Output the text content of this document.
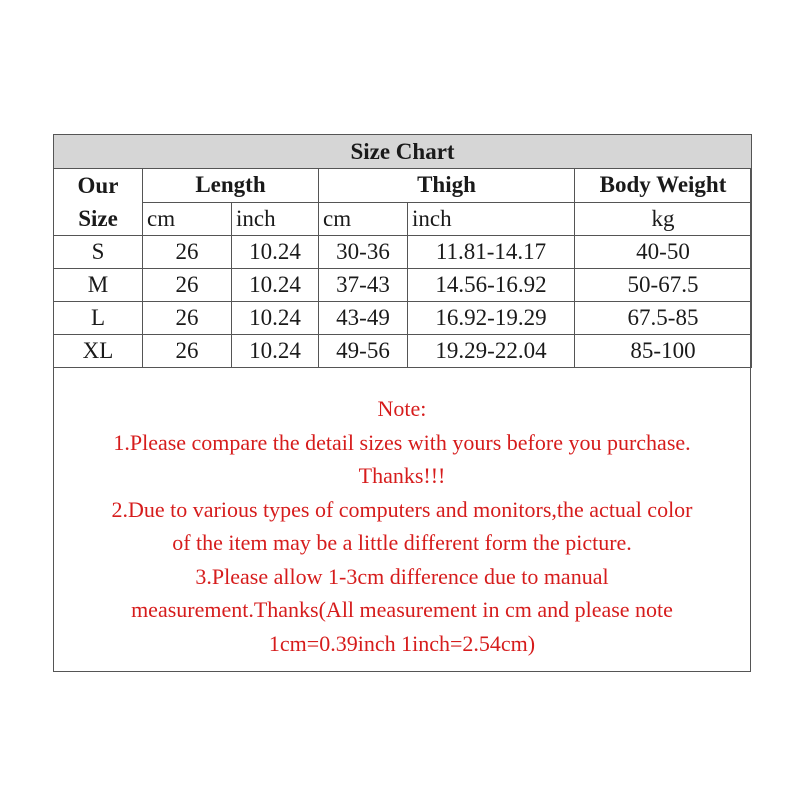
Size Chart					

Our
Size	Length		Thigh		Body Weight
	cm	inch	cm	inch	kg
S	26	10.24	30-36	11.81-14.17	40-50
M	26	10.24	37-43	14.56-16.92	50-67.5
L	26	10.24	43-49	16.92-19.29	67.5-85
XL	26	10.24	49-56	19.29-22.04	85-100
Note:
1.Please compare the detail sizes with yours before you purchase.
Thanks!!!
2.Due to various types of computers and monitors,the actual color
of the item may be a little different form the picture.
3.Please allow 1-3cm difference due to manual
measurement.Thanks(All measurement in cm and please note
1cm=0.39inch 1inch=2.54cm)
